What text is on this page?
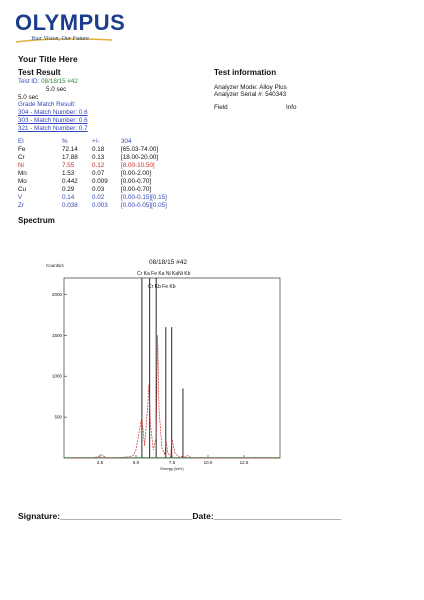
OLYMPUS
Your Vision, Our Future
Your Title Here
Test Result
Test ID: 08/18/15 #42
5.0 sec
5.0 sec
Grade Match Result:
304 - Match Number: 0.6
303 - Match Number: 0.6
321 - Match Number: 0.7
Test information
Analyzer Mode: Alloy Plus
Analyzer Serial #: 540343
Field	Info
El	%	+/-	304
Fe	72.14	0.18	[65.03-74.00]
Cr	17.88	0.13	[18.00-20.00]
Ni	7.55	0.12	[8.00-10.50]
Mn	1.53	0.07	[0.00-2.00]
Mo	0.442	0.009	[0.00-0.70]
Cu	0.29	0.03	[0.00-0.70]
V	0.14	0.02	[0.00-0.15][0.15]
Zr	0.038	0.003	[0.00-0.05][0.05]
Spectrum
08/18/15 #42
Counts/s
Cr Ka Fe Ka Ni KaNi Kb
Cr Kb Fe Kb
500
1000
1500
2000
2.5	5.0	7.5	10.0	12.5
Energy (keV)
Signature:____________________________Date:___________________________
